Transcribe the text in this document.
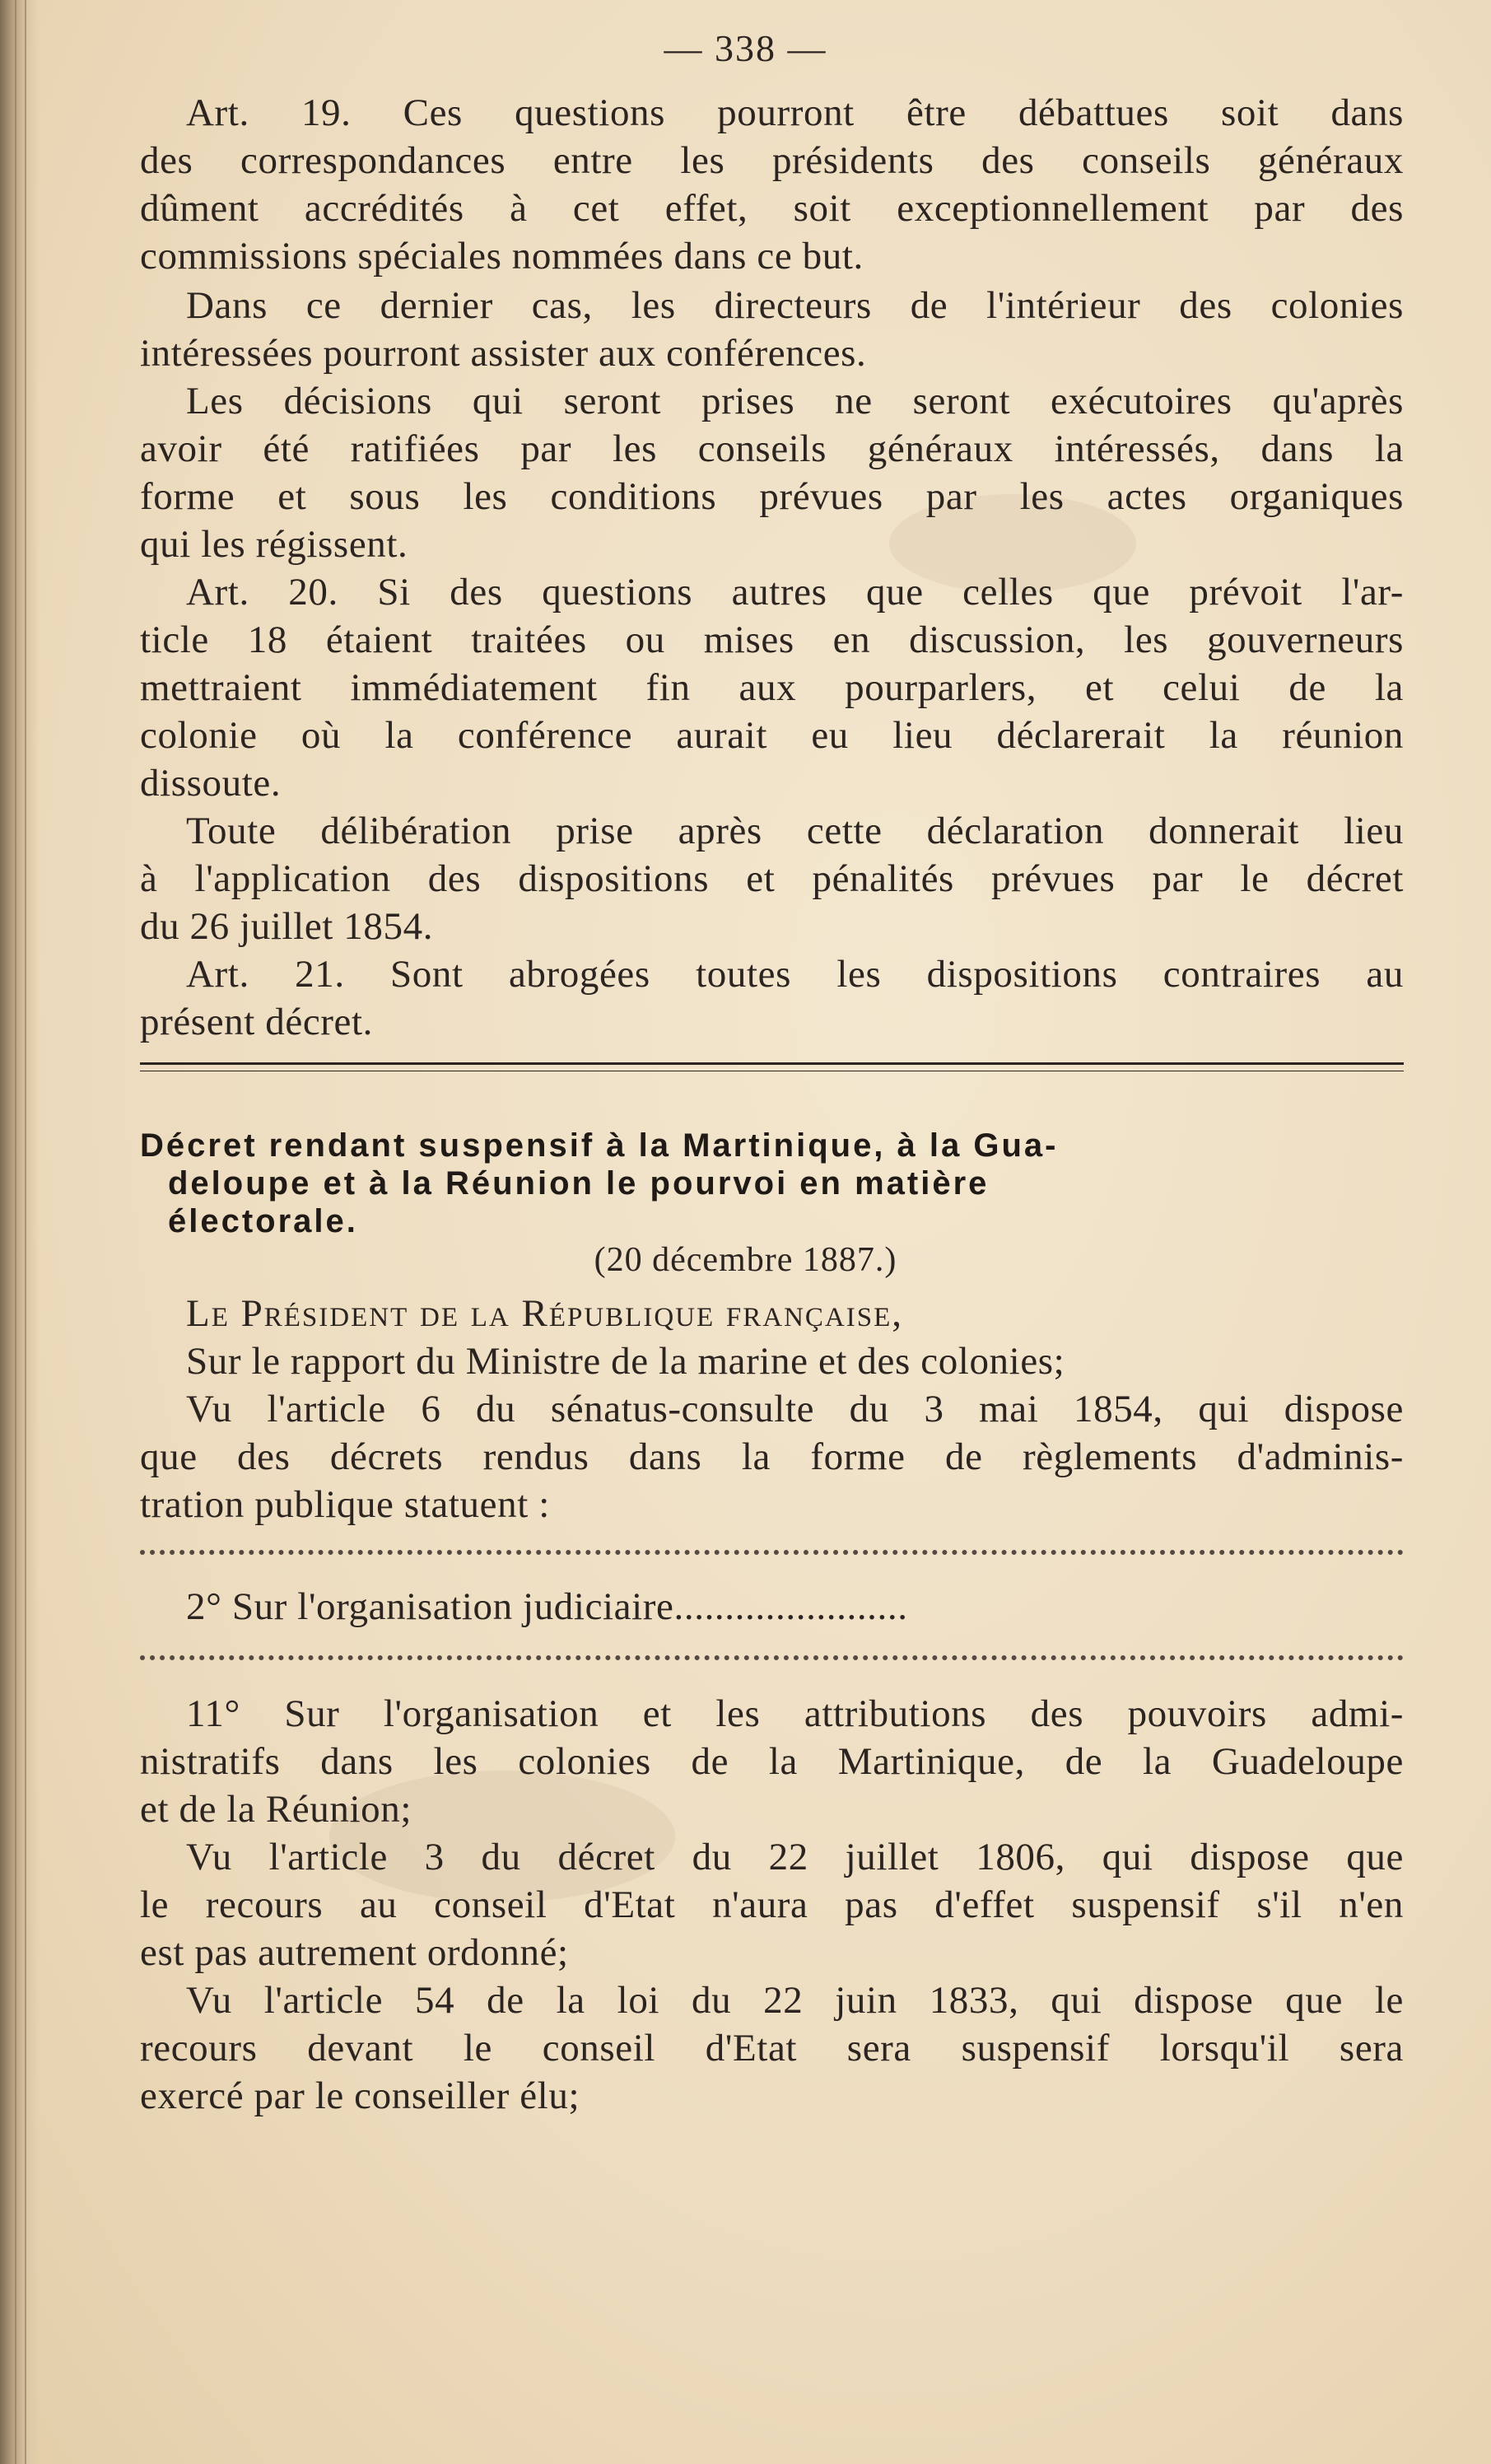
— 338 —
Art. 19. Ces questions pourront être débattues soit dans
des correspondances entre les présidents des conseils généraux
dûment accrédités à cet effet, soit exceptionnellement par des
commissions spéciales nommées dans ce but.
Dans ce dernier cas, les directeurs de l'intérieur des colonies
intéressées pourront assister aux conférences.
Les décisions qui seront prises ne seront exécutoires qu'après
avoir été ratifiées par les conseils généraux intéressés, dans la
forme et sous les conditions prévues par les actes organiques
qui les régissent.
Art. 20. Si des questions autres que celles que prévoit l'ar-
ticle 18 étaient traitées ou mises en discussion, les gouverneurs
mettraient immédiatement fin aux pourparlers, et celui de la
colonie où la conférence aurait eu lieu déclarerait la réunion
dissoute.
Toute délibération prise après cette déclaration donnerait lieu
à l'application des dispositions et pénalités prévues par le décret
du 26 juillet 1854.
Art. 21. Sont abrogées toutes les dispositions contraires au
présent décret.
Décret rendant suspensif à la Martinique, à la Gua-
deloupe et à la Réunion le pourvoi en matière
électorale.
(20 décembre 1887.)
Le Président de la République française,
Sur le rapport du Ministre de la marine et des colonies;
Vu l'article 6 du sénatus-consulte du 3 mai 1854, qui dispose
que des décrets rendus dans la forme de règlements d'adminis-
tration publique statuent :
2° Sur l'organisation judiciaire.......................
11° Sur l'organisation et les attributions des pouvoirs admi-
nistratifs dans les colonies de la Martinique, de la Guadeloupe
et de la Réunion;
Vu l'article 3 du décret du 22 juillet 1806, qui dispose que
le recours au conseil d'Etat n'aura pas d'effet suspensif s'il n'en
est pas autrement ordonné;
Vu l'article 54 de la loi du 22 juin 1833, qui dispose que le
recours devant le conseil d'Etat sera suspensif lorsqu'il sera
exercé par le conseiller élu;
